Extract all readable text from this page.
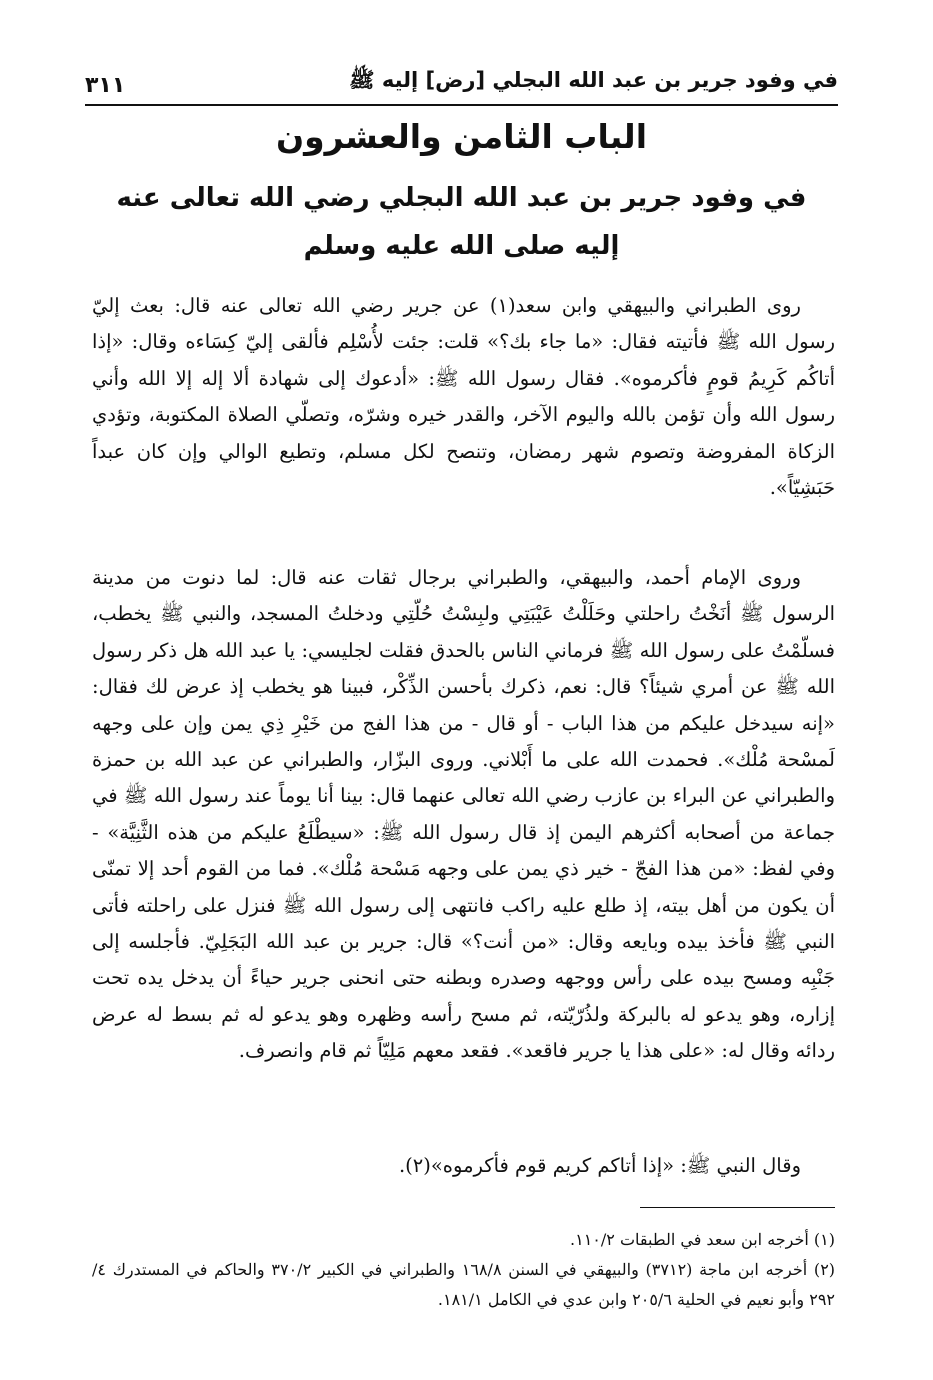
في وفود جرير بن عبد الله البجلي [رض] إليه ﷺ
٣١١
الباب الثامن والعشرون
في وفود جرير بن عبد الله البجلي رضي الله تعالى عنه
إليه صلى الله عليه وسلم

روى الطبراني والبيهقي وابن سعد(١) عن جرير رضي الله تعالى عنه قال: بعث إليّ رسول الله ﷺ فأتيته فقال: «ما جاء بك؟» قلت: جئت لأُسْلِم فألقى إليّ كِسَاءه وقال: «إذا أتاكُم كَرِيمُ قومٍ فأكرموه». فقال رسول الله ﷺ: «أدعوك إلى شهادة ألا إله إلا الله وأني رسول الله وأن تؤمن بالله واليوم الآخر، والقدر خيره وشرّه، وتصلّي الصلاة المكتوبة، وتؤدي الزكاة المفروضة وتصوم شهر رمضان، وتنصح لكل مسلم، وتطيع الوالي وإن كان عبداً حَبَشِيّاً».

وروى الإمام أحمد، والبيهقي، والطبراني برجال ثقات عنه قال: لما دنوت من مدينة الرسول ﷺ أنَخْتُ راحلتي وحَلَلْتُ عَيْبَتِي ولبِسْتُ حُلّتِي ودخلتُ المسجد، والنبي ﷺ يخطب، فسلّمْتُ على رسول الله ﷺ فرماني الناس بالحدق فقلت لجليسي: يا عبد الله هل ذكر رسول الله ﷺ عن أمري شيئاً؟ قال: نعم، ذكرك بأحسن الذِّكْر، فبينا هو يخطب إذ عرض لك فقال: «إنه سيدخل عليكم من هذا الباب - أو قال - من هذا الفج من خَيْرِ ذِي يمن وإن على وجهه لَمسْحة مُلْك». فحمدت الله على ما أَبْلاني. وروى البزّار، والطبراني عن عبد الله بن حمزة والطبراني عن البراء بن عازب رضي الله تعالى عنهما قال: بينا أنا يوماً عند رسول الله ﷺ في جماعة من أصحابه أكثرهم اليمن إذ قال رسول الله ﷺ: «سيطْلَعُ عليكم من هذه الثَّنِيَّة» - وفي لفظ: «من هذا الفجّ - خير ذي يمن على وجهه مَسْحة مُلْك». فما من القوم أحد إلا تمنّى أن يكون من أهل بيته، إذ طلع عليه راكب فانتهى إلى رسول الله ﷺ فنزل على راحلته فأتى النبي ﷺ فأخذ بيده وبايعه وقال: «من أنت؟» قال: جرير بن عبد الله البَجَلِيّ. فأجلسه إلى جَنْبِه ومسح بيده على رأس ووجهه وصدره وبطنه حتى انحنى جرير حياءً أن يدخل يده تحت إزاره، وهو يدعو له بالبركة ولذُرّيّته، ثم مسح رأسه وظهره وهو يدعو له ثم بسط له عرض ردائه وقال له: «على هذا يا جرير فاقعد». فقعد معهم مَلِيّاً ثم قام وانصرف.

وقال النبي ﷺ: «إذا أتاكم كريم قوم فأكرموه»(٢).

(١) أخرجه ابن سعد في الطبقات ١١٠/٢.

(٢) أخرجه ابن ماجة (٣٧١٢) والبيهقي في السنن ١٦٨/٨ والطبراني في الكبير ٣٧٠/٢ والحاكم في المستدرك ٤/ ٢٩٢ وأبو نعيم في الحلية ٢٠٥/٦ وابن عدي في الكامل ١٨١/١.
